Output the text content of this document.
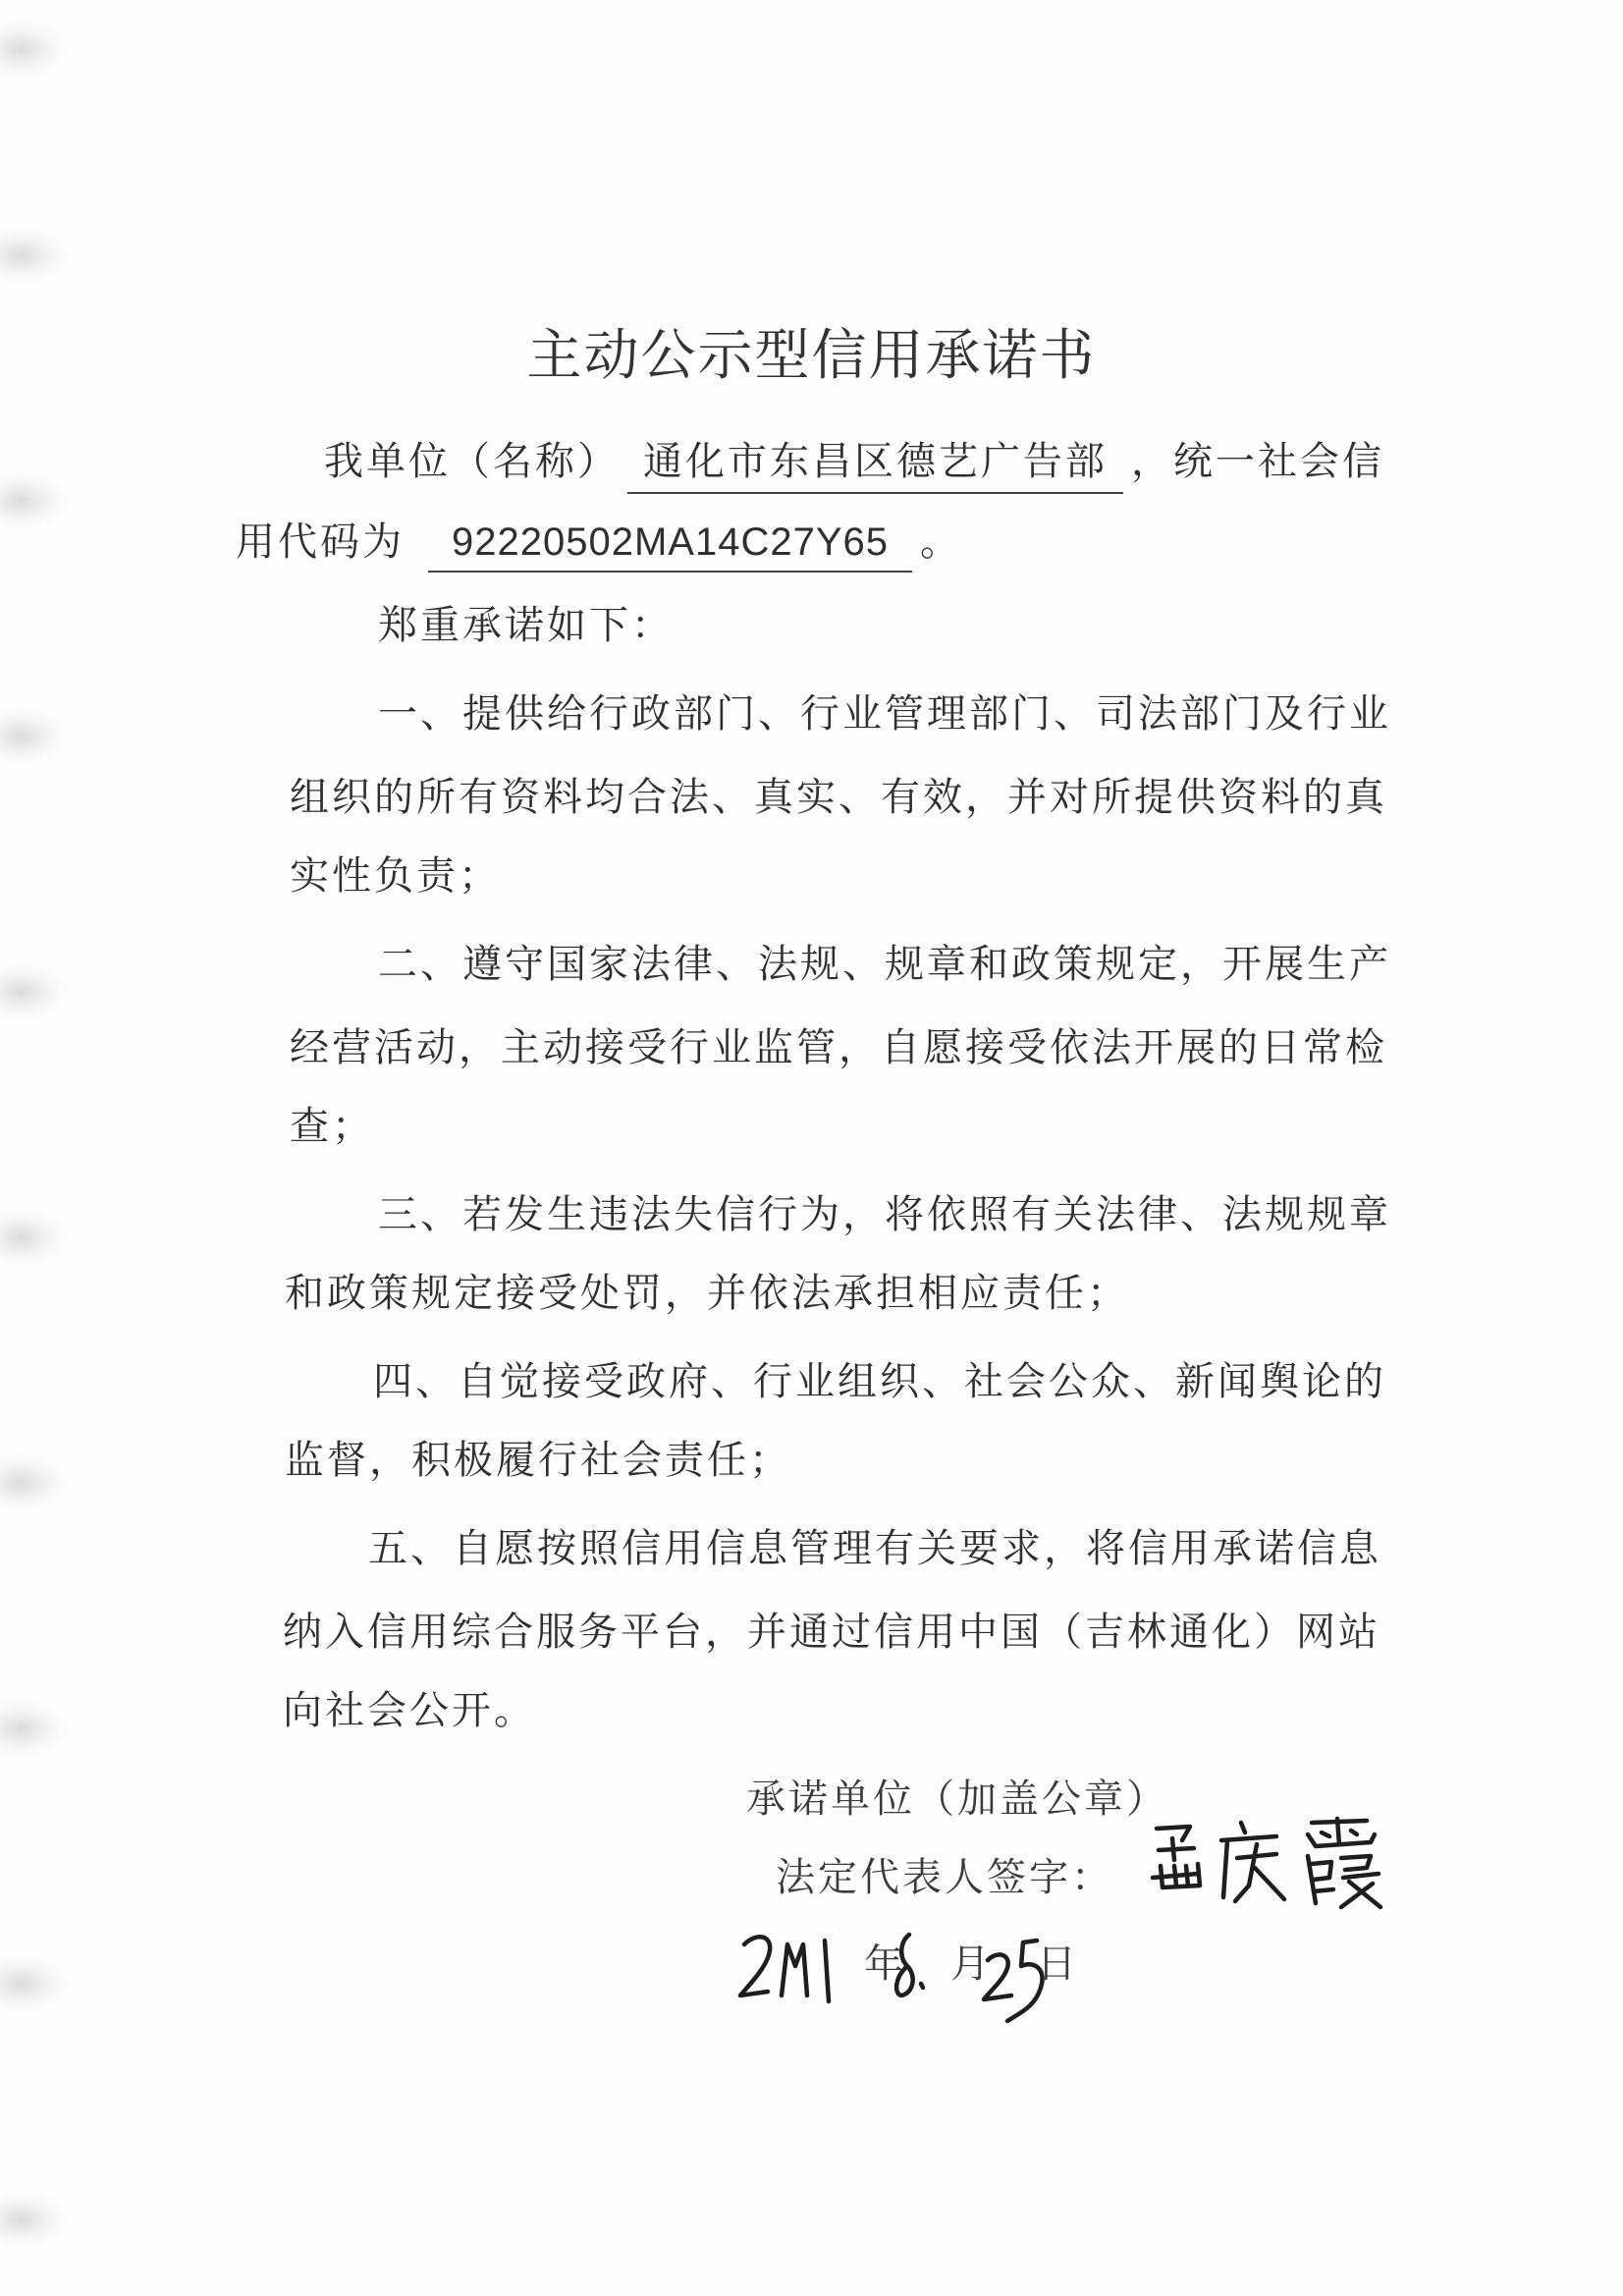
主动公示型信用承诺书
我单位（名称） 通化市东昌区德艺广告部 ，统一社会信
用代码为 92220502MA14C27Y65 。
郑重承诺如下：
一、提供给行政部门、行业管理部门、司法部门及行业
组织的所有资料均合法、真实、有效，并对所提供资料的真
实性负责；
二、遵守国家法律、法规、规章和政策规定，开展生产
经营活动，主动接受行业监管，自愿接受依法开展的日常检
查；
三、若发生违法失信行为，将依照有关法律、法规规章
和政策规定接受处罚，并依法承担相应责任；
四、自觉接受政府、行业组织、社会公众、新闻舆论的
监督，积极履行社会责任；
五、自愿按照信用信息管理有关要求，将信用承诺信息
纳入信用综合服务平台，并通过信用中国（吉林通化）网站
向社会公开。
承诺单位（加盖公章）
法定代表人签字：
年 月 日
